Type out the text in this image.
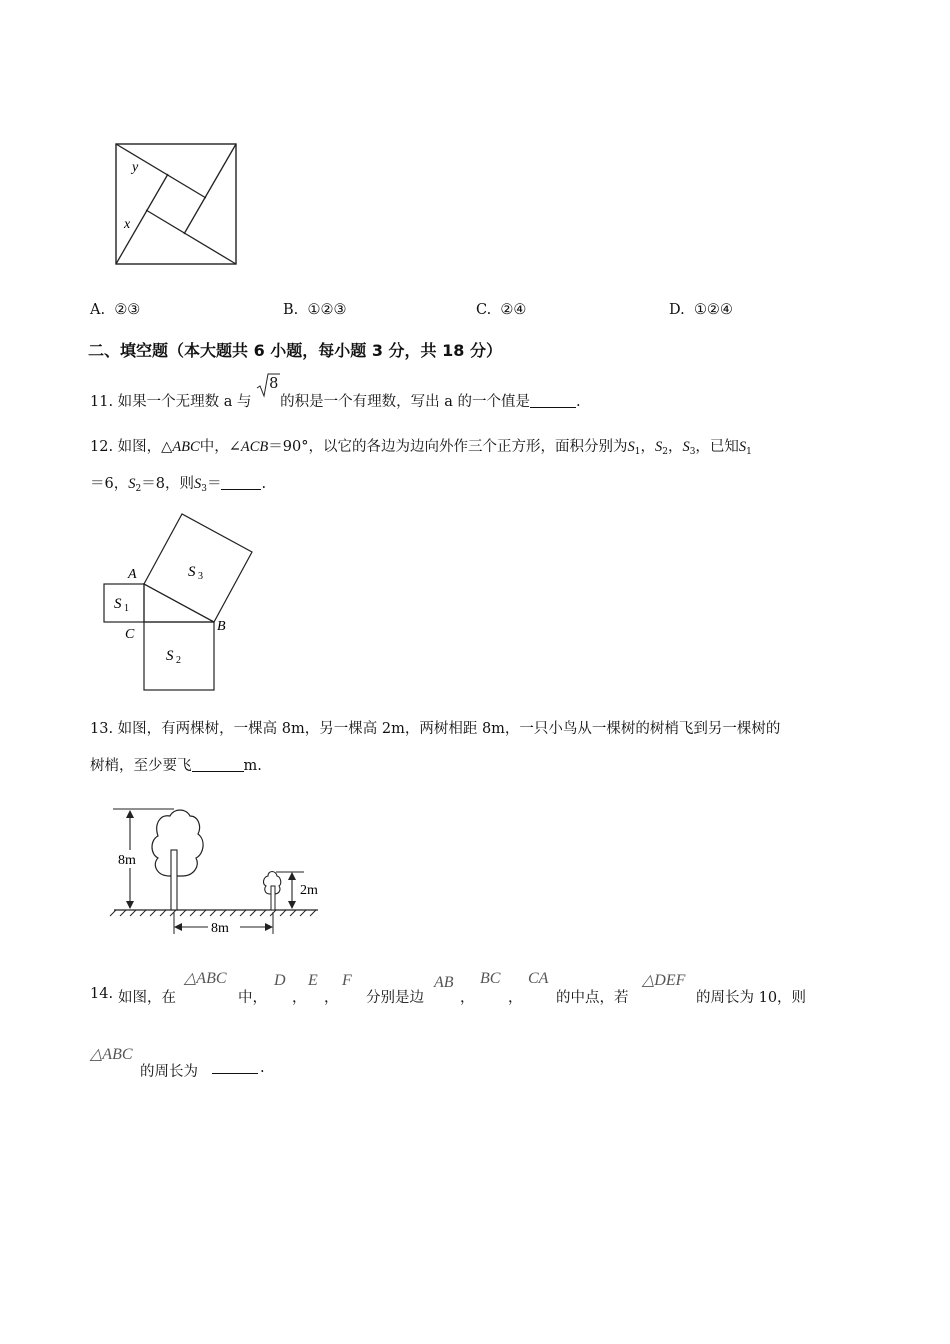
y
x
A. ②③	B. ①②③	C. ②④	D. ①②④
二、填空题（本大题共 6 小题，每小题 3 分，共 18 分）
11. 如果一个无理数 a 与
8
的积是一个有理数，写出 a 的一个值是	.
12. 如图，△ABC中，∠ACB＝90°，以它的各边为边向外作三个正方形，面积分别为$S_1$，$S_2$，$S_3$，已知$S_1$
＝6，$S_2=8$，则$S_3=$	.
A
B
C
S 3
S 1
S 2
13. 如图，有两棵树，一棵高 8m，另一棵高 2m，两树相距 8m，一只小鸟从一棵树的树梢飞到另一棵树的
树梢，至少要飞	m.
8m
2m
8m
14. 如图，在
△ABC
中，
D
，
E
，
F
分别是边
AB
，
BC
，
CA
的中点，若
△DEF
的周长为 10，则
△ABC
的周长为	.
